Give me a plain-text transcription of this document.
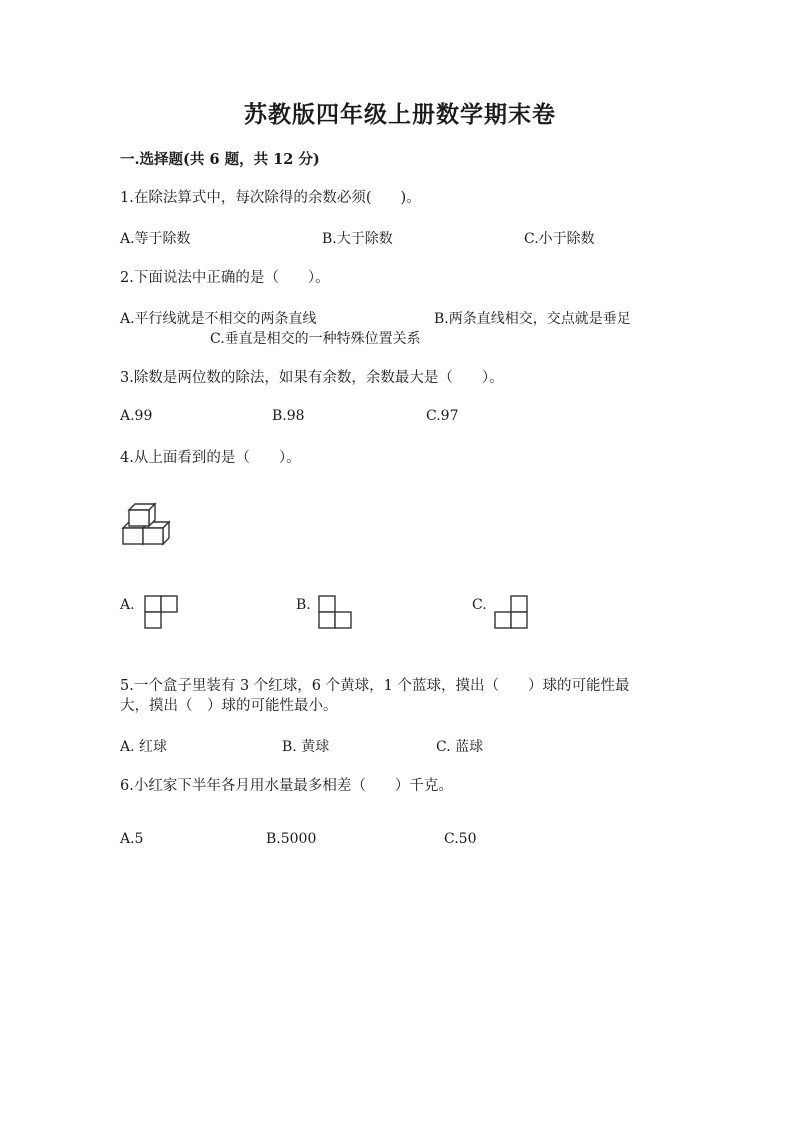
苏教版四年级上册数学期末卷
一.选择题(共 6 题，共 12 分)
1.在除法算式中，每次除得的余数必须(　　)。
A.等于除数	B.大于除数	C.小于除数
2.下面说法中正确的是（　　）。
A.平行线就是不相交的两条直线	B.两条直线相交，交点就是垂足
C.垂直是相交的一种特殊位置关系
3.除数是两位数的除法，如果有余数，余数最大是（　　）。
A.99	B.98	C.97
4.从上面看到的是（　　）。
A.	B.	C.
5.一个盒子里装有 3 个红球，6 个黄球，1 个蓝球，摸出（　　）球的可能性最
大，摸出（　）球的可能性最小。
A. 红球	B. 黄球	C. 蓝球
6.小红家下半年各月用水量最多相差（　　）千克。
A.5	B.5000	C.50
